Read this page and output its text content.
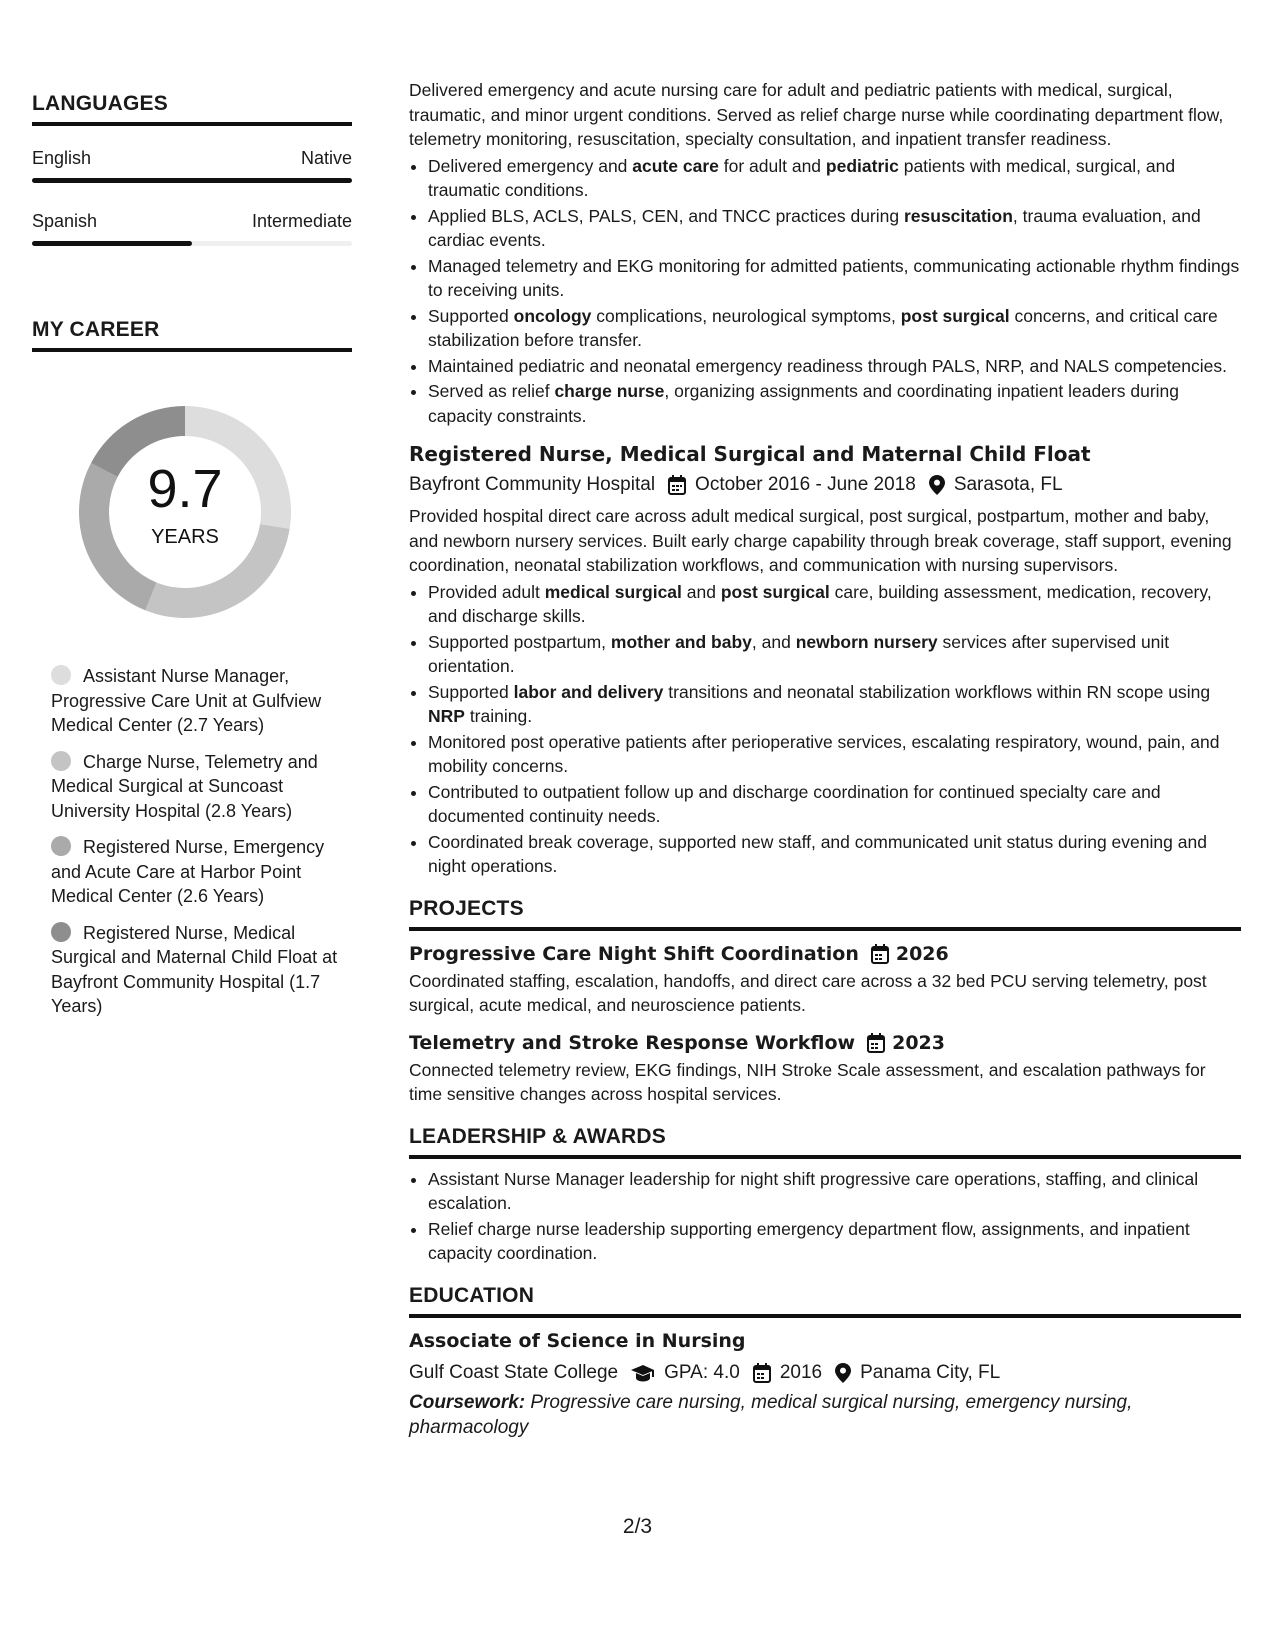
LANGUAGES
English	Native
Spanish	Intermediate
MY CAREER
9.7
YEARS
Assistant Nurse Manager, Progressive Care Unit at Gulfview Medical Center (2.7 Years)
Charge Nurse, Telemetry and Medical Surgical at Suncoast University Hospital (2.8 Years)
Registered Nurse, Emergency and Acute Care at Harbor Point Medical Center (2.6 Years)
Registered Nurse, Medical Surgical and Maternal Child Float at Bayfront Community Hospital (1.7 Years)

Delivered emergency and acute nursing care for adult and pediatric patients with medical, surgical, traumatic, and minor urgent conditions. Served as relief charge nurse while coordinating department flow, telemetry monitoring, resuscitation, specialty consultation, and inpatient transfer readiness.

• Delivered emergency and acute care for adult and pediatric patients with medical, surgical, and traumatic conditions.
• Applied BLS, ACLS, PALS, CEN, and TNCC practices during resuscitation, trauma evaluation, and cardiac events.
• Managed telemetry and EKG monitoring for admitted patients, communicating actionable rhythm findings to receiving units.
• Supported oncology complications, neurological symptoms, post surgical concerns, and critical care stabilization before transfer.
• Maintained pediatric and neonatal emergency readiness through PALS, NRP, and NALS competencies.
• Served as relief charge nurse, organizing assignments and coordinating inpatient leaders during capacity constraints.
Registered Nurse, Medical Surgical and Maternal Child Float
Bayfront Community Hospital October 2016 - June 2018 Sarasota, FL

Provided hospital direct care across adult medical surgical, post surgical, postpartum, mother and baby, and newborn nursery services. Built early charge capability through break coverage, staff support, evening coordination, neonatal stabilization workflows, and communication with nursing supervisors.

• Provided adult medical surgical and post surgical care, building assessment, medication, recovery, and discharge skills.
• Supported postpartum, mother and baby, and newborn nursery services after supervised unit orientation.
• Supported labor and delivery transitions and neonatal stabilization workflows within RN scope using NRP training.
• Monitored post operative patients after perioperative services, escalating respiratory, wound, pain, and mobility concerns.
• Contributed to outpatient follow up and discharge coordination for continued specialty care and documented continuity needs.
• Coordinated break coverage, supported new staff, and communicated unit status during evening and night operations.
PROJECTS
Progressive Care Night Shift Coordination 2026

Coordinated staffing, escalation, handoffs, and direct care across a 32 bed PCU serving telemetry, post surgical, acute medical, and neuroscience patients.

Telemetry and Stroke Response Workflow 2023

Connected telemetry review, EKG findings, NIH Stroke Scale assessment, and escalation pathways for time sensitive changes across hospital services.

LEADERSHIP & AWARDS
• Assistant Nurse Manager leadership for night shift progressive care operations, staffing, and clinical escalation.
• Relief charge nurse leadership supporting emergency department flow, assignments, and inpatient capacity coordination.
EDUCATION
Associate of Science in Nursing
Gulf Coast State College GPA: 4.0 2016 Panama City, FL
Coursework: Progressive care nursing, medical surgical nursing, emergency nursing, pharmacology
2/3
